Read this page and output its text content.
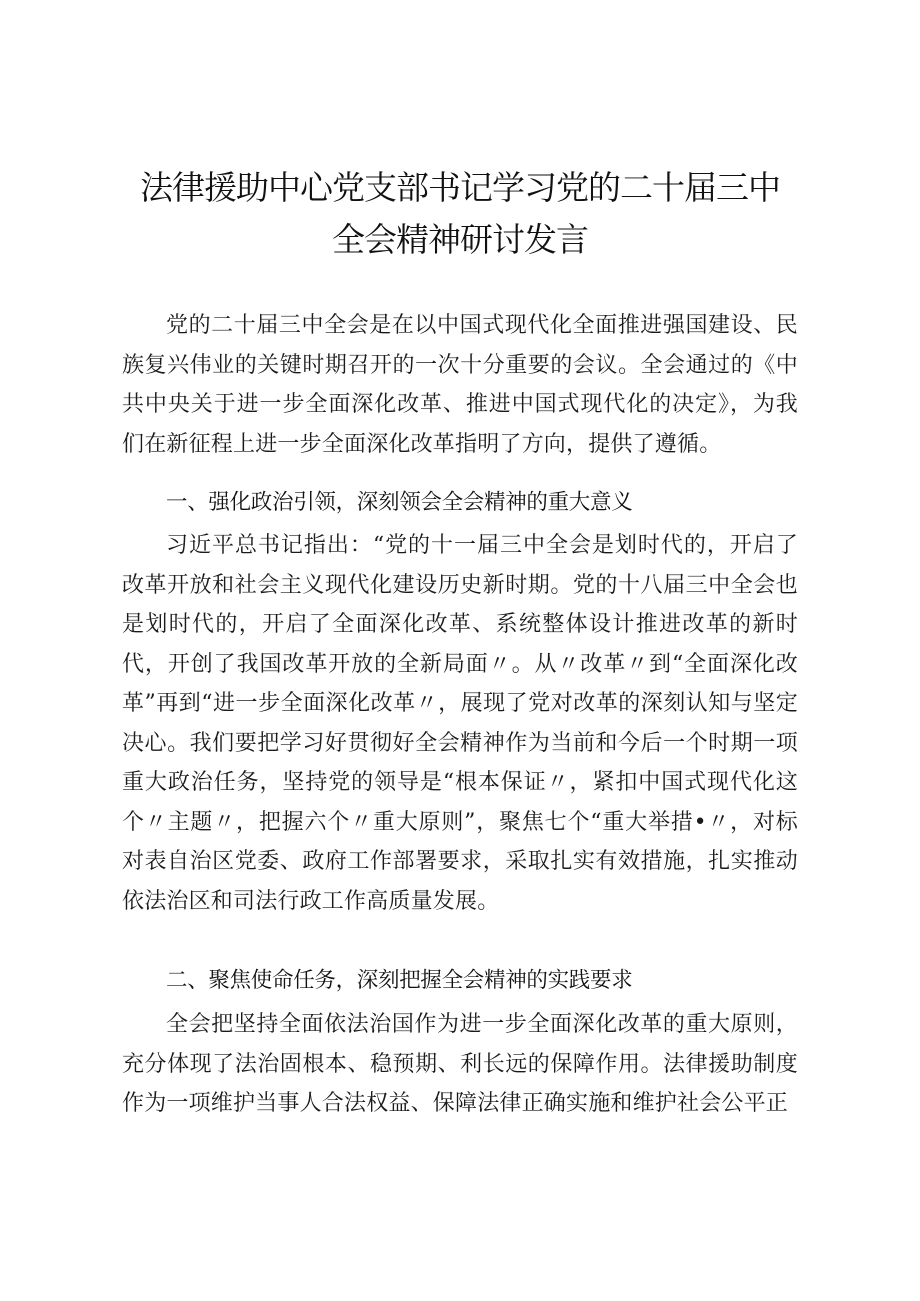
法律援助中心党支部书记学习党的二十届三中
全会精神研讨发言
党的二十届三中全会是在以中国式现代化全面推进强国建设、民族复兴伟业的关键时期召开的一次十分重要的会议。全会通过的《中共中央关于进一步全面深化改革、推进中国式现代化的决定》，为我们在新征程上进一步全面深化改革指明了方向，提供了遵循。
一、强化政治引领，深刻领会全会精神的重大意义
习近平总书记指出：“党的十一届三中全会是划时代的，开启了改革开放和社会主义现代化建设历史新时期。党的十八届三中全会也是划时代的，开启了全面深化改革、系统整体设计推进改革的新时代，开创了我国改革开放的全新局面〃。从〃改革〃到“全面深化改革”再到“进一步全面深化改革〃，展现了党对改革的深刻认知与坚定决心。我们要把学习好贯彻好全会精神作为当前和今后一个时期一项重大政治任务，坚持党的领导是“根本保证〃，紧扣中国式现代化这个〃主题〃，把握六个〃重大原则”，聚焦七个“重大举措•〃，对标对表自治区党委、政府工作部署要求，采取扎实有效措施，扎实推动依法治区和司法行政工作高质量发展。
二、聚焦使命任务，深刻把握全会精神的实践要求
全会把坚持全面依法治国作为进一步全面深化改革的重大原则，充分体现了法治固根本、稳预期、利长远的保障作用。法律援助制度作为一项维护当事人合法权益、保障法律正确实施和维护社会公平正
